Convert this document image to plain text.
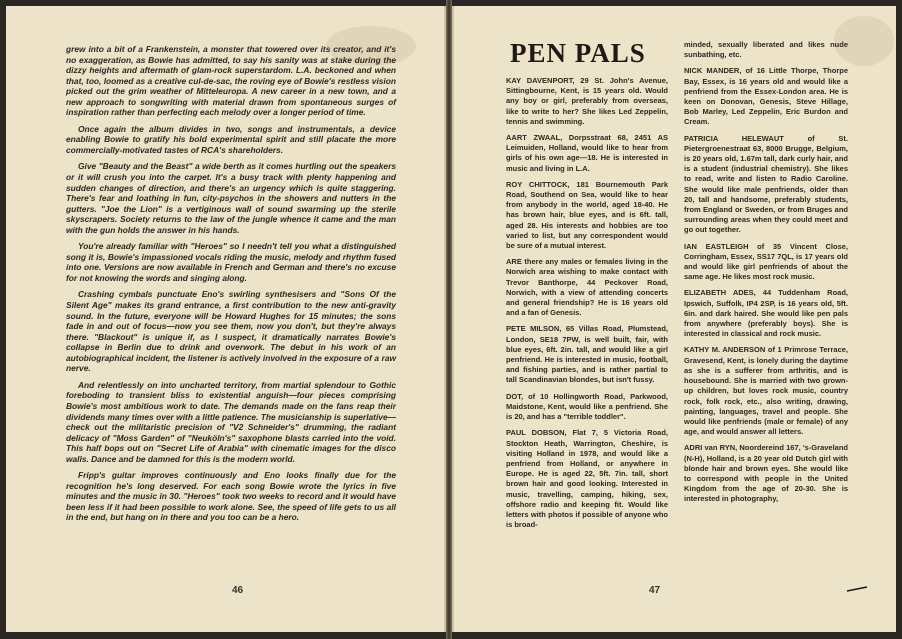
grew into a bit of a Frankenstein, a monster that towered over its creator, and it's no exaggeration, as Bowie has admitted, to say his sanity was at stake during the dizzy heights and aftermath of glam-rock superstardom. L.A. beckoned and when that, too, loomed as a creative cul-de-sac, the roving eye of Bowie's restless vision picked out the grim weather of Mitteleuropa. A new career in a new town, and a new approach to songwriting with material drawn from spontaneous surges of inspiration rather than perfecting each melody over a longer period of time.

Once again the album divides in two, songs and instrumentals, a device enabling Bowie to gratify his bold experimental spirit and still placate the more commercially-motivated tastes of RCA's shareholders.

Give "Beauty and the Beast" a wide berth as it comes hurtling out the speakers or it will crush you into the carpet. It's a busy track with plenty happening and sudden changes of direction, and there's an urgency which is quite staggering. There's fear and loathing in fun, city-psychos in the showers and nutters in the gutters. "Joe the Lion" is a vertiginous wall of sound swarming up the sterile skyscrapers. Society returns to the law of the jungle whence it came and the man with the gun holds the answer in his hands.

You're already familiar with "Heroes" so I needn't tell you what a distinguished song it is, Bowie's impassioned vocals riding the music, melody and rhythm fused into one. Versions are now available in French and German and there's no excuse for not knowing the words and singing along.

Crashing cymbals punctuate Eno's swirling synthesisers and "Sons Of the Silent Age" makes its grand entrance, a first contribution to the new anti-gravity sound. In the future, everyone will be Howard Hughes for 15 minutes; the sons fade in and out of focus—now you see them, now you don't, but they're always there. "Blackout" is unique if, as I suspect, it dramatically narrates Bowie's collapse in Berlin due to drink and overwork. The debut in his work of an autobiographical incident, the listener is actively involved in the exposure of a raw nerve.

And relentlessly on into uncharted territory, from martial splendour to Gothic foreboding to transient bliss to existential anguish—four pieces comprising Bowie's most ambitious work to date. The demands made on the fans reap their dividends many times over with a little patience. The musicianship is superlative—check out the militaristic precision of "V2 Schneider's" drumming, the radiant delicacy of "Moss Garden" of "Neuköln's" saxophone blasts carried into the void. This half bops out on "Secret Life of Arabia" with cinematic images for the disco walls. Dance and be damned for this is the modern world.

Fripp's guitar improves continuously and Eno looks finally due for the recognition he's long deserved. For each song Bowie wrote the lyrics in five minutes and the music in 30. "Heroes" took two weeks to record and it would have been less if it had been possible to work alone. See, the speed of life gets to us all in the end, but hang on in there and you too can be a hero.

46
PEN PALS

KAY DAVENPORT, 29 St. John's Avenue, Sittingbourne, Kent, is 15 years old. Would any boy or girl, preferably from overseas, like to write to her? She likes Led Zeppelin, tennis and swimming.

AART ZWAAL, Dorpsstraat 68, 2451 AS Leimuiden, Holland, would like to hear from girls of his own age—18. He is interested in music and living in L.A.

ROY CHITTOCK, 181 Bournemouth Park Road, Southend on Sea, would like to hear from anybody in the world, aged 18-40. He has brown hair, blue eyes, and is 6ft. tall, aged 28. His interests and hobbies are too varied to list, but any correspondent would be sure of a mutual interest.

ARE there any males or females living in the Norwich area wishing to make contact with Trevor Banthorpe, 44 Peckover Road, Norwich, with a view of attending concerts and general friendship? He is 16 years old and a fan of Genesis.

PETE MILSON, 65 Villas Road, Plumstead, London, SE18 7PW, is well built, fair, with blue eyes, 6ft. 2in. tall, and would like a girl penfriend. He is interested in music, football, and fishing parties, and is rather partial to tall Scandinavian blondes, but isn't fussy.

DOT, of 10 Hollingworth Road, Parkwood, Maidstone, Kent, would like a penfriend. She is 20, and has a "terrible toddler".

PAUL DOBSON, Flat 7, 5 Victoria Road, Stockton Heath, Warrington, Cheshire, is visiting Holland in 1978, and would like a penfriend from Holland, or anywhere in Europe. He is aged 22, 5ft. 7in. tall, short brown hair and good looking. Interested in music, travelling, camping, hiking, sex, offshore radio and keeping fit. Would like letters with photos if possible of anyone who is broad-

minded, sexually liberated and likes nude sunbathing, etc.

NICK MANDER, of 16 Little Thorpe, Thorpe Bay, Essex, is 16 years old and would like a penfriend from the Essex-London area. He is keen on Donovan, Genesis, Steve Hillage, Bob Marley, Led Zeppelin, Eric Burdon and Cream.

PATRICIA HELEWAUT of St. Pietergroenestraat 63, 8000 Brugge, Belgium, is 20 years old, 1.67m tall, dark curly hair, and is a student (industrial chemistry). She likes to read, write and listen to Radio Caroline. She would like male penfriends, older than 20, tall and handsome, preferably students, from England or Sweden, or from Bruges and surrounding areas when they could meet and go out together.

IAN EASTLEIGH of 35 Vincent Close, Corringham, Essex, SS17 7QL, is 17 years old and would like girl penfriends of about the same age. He likes most rock music.

ELIZABETH ADES, 44 Tuddenham Road, Ipswich, Suffolk, IP4 2SP, is 16 years old, 5ft. 6in. and dark haired. She would like pen pals from anywhere (preferably boys). She is interested in classical and rock music.

KATHY M. ANDERSON of 1 Primrose Terrace, Gravesend, Kent, is lonely during the daytime as she is a sufferer from arthritis, and is housebound. She is married with two grown-up children, but loves rock music, country rock, folk rock, etc., also writing, drawing, painting, languages, travel and people. She would like penfriends (male or female) of any age, and would answer all letters.

ADRI van RYN, Noordereind 167, 's-Graveland (N-H), Holland, is a 20 year old Dutch girl with blonde hair and brown eyes. She would like to correspond with people in the United Kingdom from the age of 20-30. She is interested in photography,

47
